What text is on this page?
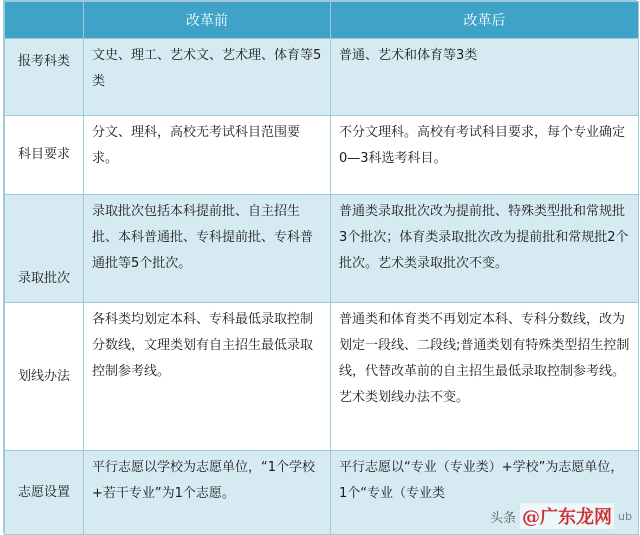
	改革前	改革后
报考科类	文史、理工、艺术文、艺术理、体育等5类	普通、艺术和体育等3类
科目要求	分文、理科，高校无考试科目范围要求。	不分文理科。高校有考试科目要求，每个专业确定0—3科选考科目。
录取批次	录取批次包括本科提前批、自主招生批、本科普通批、专科提前批、专科普通批等5个批次。	普通类录取批次改为提前批、特殊类型批和常规批3个批次；体育类录取批次改为提前批和常规批2个批次。艺术类录取批次不变。
划线办法	各科类均划定本科、专科最低录取控制分数线，文理类划有自主招生最低录取控制参考线。	普通类和体育类不再划定本科、专科分数线，改为划定一段线、二段线;普通类划有特殊类型招生控制线，代替改革前的自主招生最低录取控制参考线。艺术类划线办法不变。
志愿设置	平行志愿以学校为志愿单位，“1个学校+若干专业”为1个志愿。	平行志愿以“专业（专业类）+学校”为志愿单位，1个“专业（专业类
头条 @广东龙网 ub
